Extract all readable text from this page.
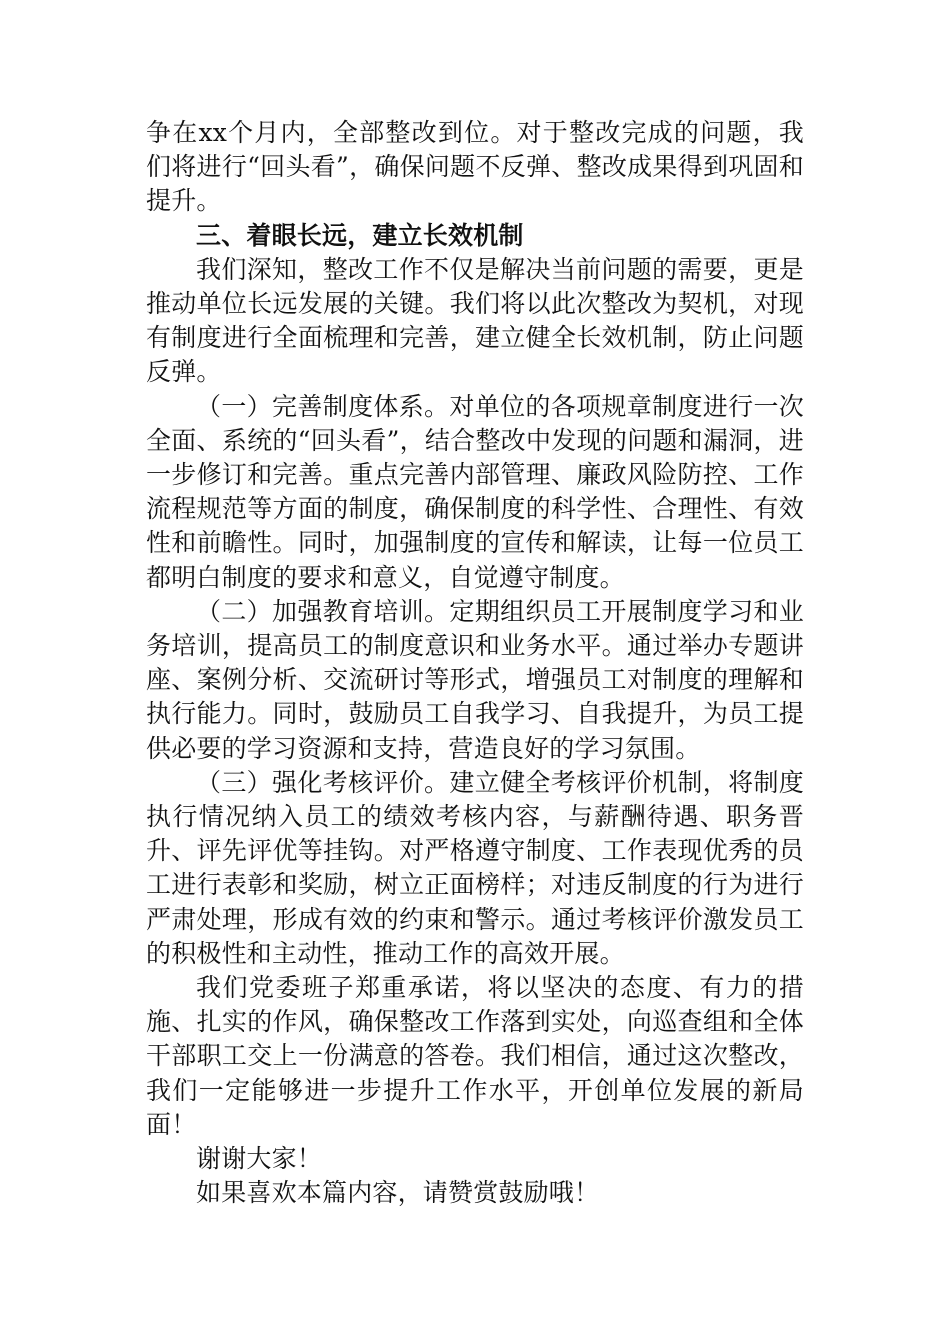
争在xx个月内，全部整改到位。对于整改完成的问题，我们将进行“回头看”，确保问题不反弹、整改成果得到巩固和提升。

三、着眼长远，建立长效机制

我们深知，整改工作不仅是解决当前问题的需要，更是推动单位长远发展的关键。我们将以此次整改为契机，对现有制度进行全面梳理和完善，建立健全长效机制，防止问题反弹。

（一）完善制度体系。对单位的各项规章制度进行一次全面、系统的“回头看”，结合整改中发现的问题和漏洞，进一步修订和完善。重点完善内部管理、廉政风险防控、工作流程规范等方面的制度，确保制度的科学性、合理性、有效性和前瞻性。同时，加强制度的宣传和解读，让每一位员工都明白制度的要求和意义，自觉遵守制度。

（二）加强教育培训。定期组织员工开展制度学习和业务培训，提高员工的制度意识和业务水平。通过举办专题讲座、案例分析、交流研讨等形式，增强员工对制度的理解和执行能力。同时，鼓励员工自我学习、自我提升，为员工提供必要的学习资源和支持，营造良好的学习氛围。

（三）强化考核评价。建立健全考核评价机制，将制度执行情况纳入员工的绩效考核内容，与薪酬待遇、职务晋升、评先评优等挂钩。对严格遵守制度、工作表现优秀的员工进行表彰和奖励，树立正面榜样；对违反制度的行为进行严肃处理，形成有效的约束和警示。通过考核评价激发员工的积极性和主动性，推动工作的高效开展。

我们党委班子郑重承诺，将以坚决的态度、有力的措施、扎实的作风，确保整改工作落到实处，向巡查组和全体干部职工交上一份满意的答卷。我们相信，通过这次整改，我们一定能够进一步提升工作水平，开创单位发展的新局面！

谢谢大家！

如果喜欢本篇内容，请赞赏鼓励哦！
